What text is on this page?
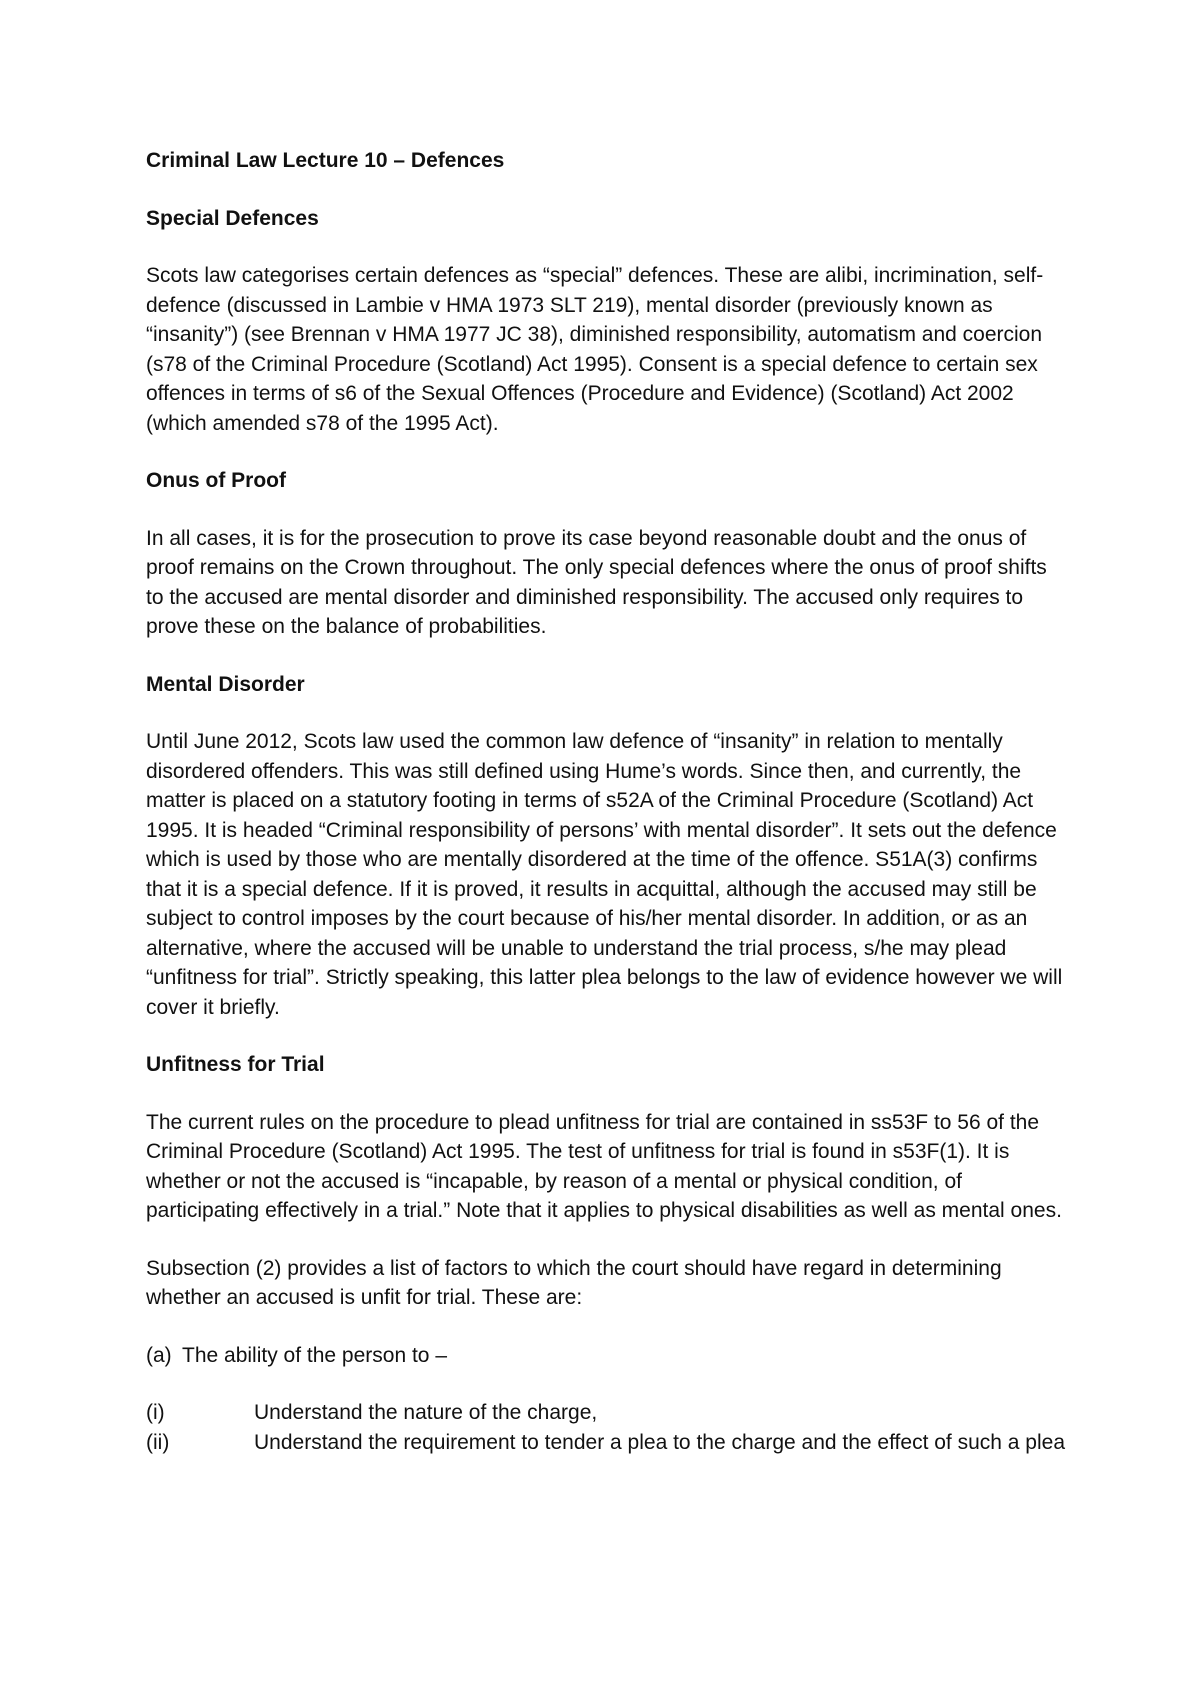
Criminal Law Lecture 10 – Defences
Special Defences

Scots law categorises certain defences as “special” defences. These are alibi, incrimination, self-defence (discussed in Lambie v HMA 1973 SLT 219), mental disorder (previously known as “insanity”) (see Brennan v HMA 1977 JC 38), diminished responsibility, automatism and coercion (s78 of the Criminal Procedure (Scotland) Act 1995). Consent is a special defence to certain sex offences in terms of s6 of the Sexual Offences (Procedure and Evidence) (Scotland) Act 2002 (which amended s78 of the 1995 Act).

Onus of Proof

In all cases, it is for the prosecution to prove its case beyond reasonable doubt and the onus of proof remains on the Crown throughout. The only special defences where the onus of proof shifts to the accused are mental disorder and diminished responsibility. The accused only requires to prove these on the balance of probabilities.

Mental Disorder

Until June 2012, Scots law used the common law defence of “insanity” in relation to mentally disordered offenders. This was still defined using Hume’s words. Since then, and currently, the matter is placed on a statutory footing in terms of s52A of the Criminal Procedure (Scotland) Act 1995. It is headed “Criminal responsibility of persons’ with mental disorder”. It sets out the defence which is used by those who are mentally disordered at the time of the offence. S51A(3) confirms that it is a special defence. If it is proved, it results in acquittal, although the accused may still be subject to control imposes by the court because of his/her mental disorder. In addition, or as an alternative, where the accused will be unable to understand the trial process, s/he may plead “unfitness for trial”. Strictly speaking, this latter plea belongs to the law of evidence however we will cover it briefly.

Unfitness for Trial

The current rules on the procedure to plead unfitness for trial are contained in ss53F to 56 of the Criminal Procedure (Scotland) Act 1995. The test of unfitness for trial is found in s53F(1). It is whether or not the accused is “incapable, by reason of a mental or physical condition, of participating effectively in a trial.” Note that it applies to physical disabilities as well as mental ones.

Subsection (2) provides a list of factors to which the court should have regard in determining whether an accused is unfit for trial. These are:

(a) The ability of the person to –
(i)	Understand the nature of the charge,
(ii)	Understand the requirement to tender a plea to the charge and the effect of such a plea
